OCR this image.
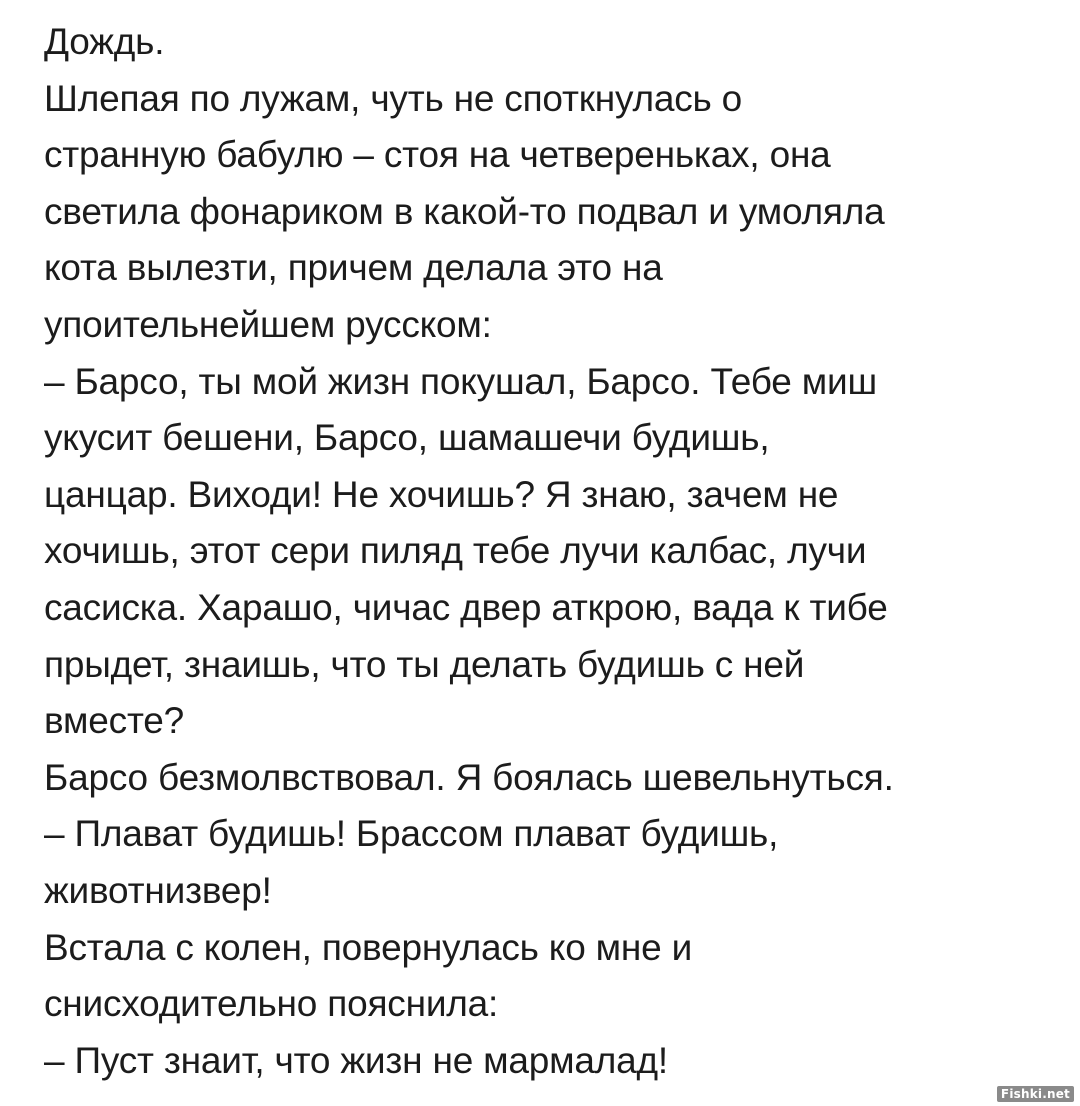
Дождь.
Шлепая по лужам, чуть не споткнулась о
странную бабулю – стоя на четвереньках, она
светила фонариком в какой-то подвал и умоляла
кота вылезти, причем делала это на
упоительнейшем русском:
– Барсо, ты мой жизн покушал, Барсо. Тебе миш
укусит бешени, Барсо, шамашечи будишь,
цанцар. Виходи! Не хочишь? Я знаю, зачем не
хочишь, этот сери пиляд тебе лучи калбас, лучи
сасиска. Харашо, чичас двер аткрою, вада к тибе
прыдет, знаишь, что ты делать будишь с ней
вместе?
Барсо безмолвствовал. Я боялась шевельнуться.
– Плават будишь! Брассом плават будишь,
животнизвер!
Встала с колен, повернулась ко мне и
снисходительно пояснила:
– Пуст знаит, что жизн не мармалад!
Fishki.net
